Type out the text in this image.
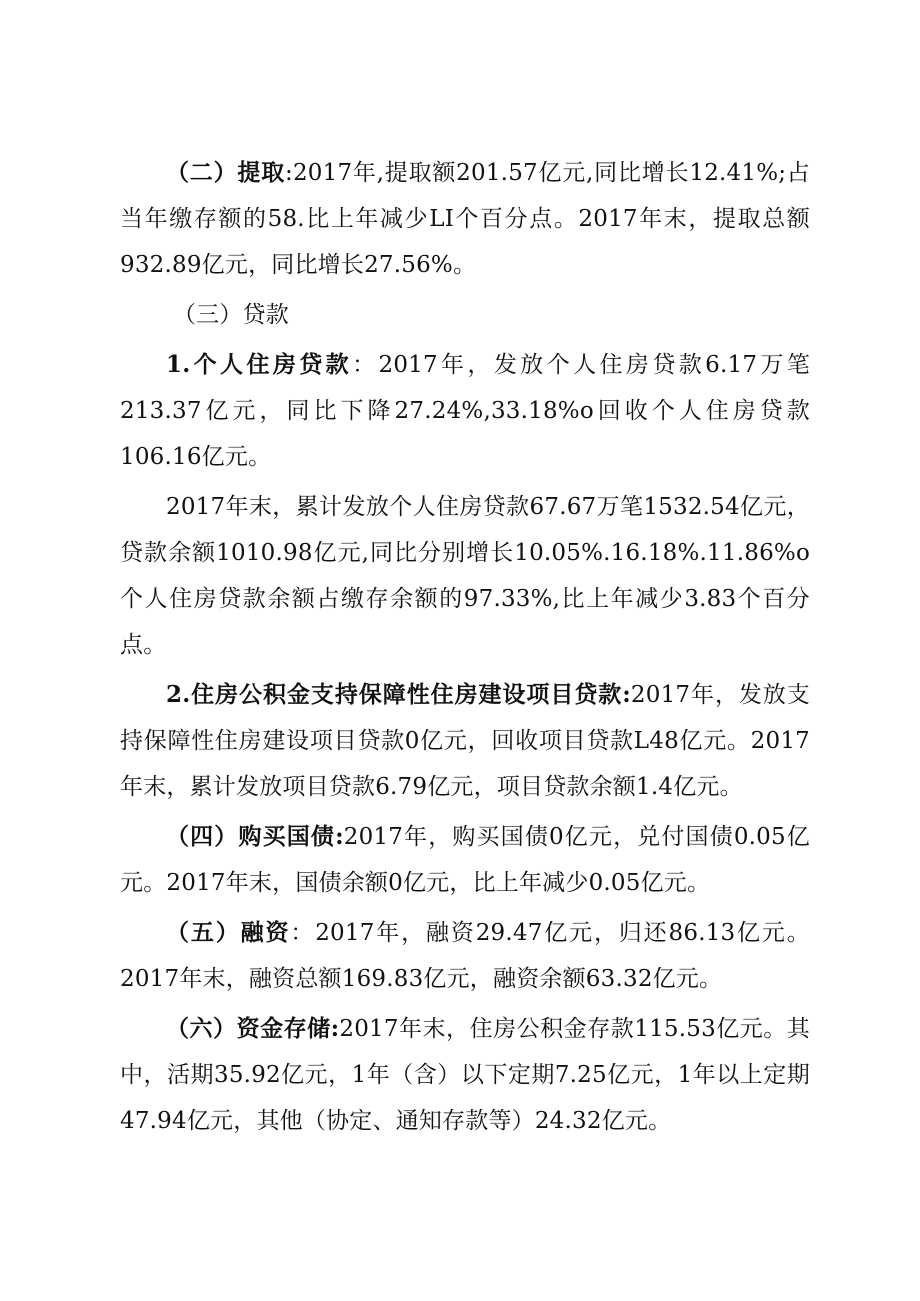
（二）提取:2017年,提取额201.57亿元,同比增长12.41%;占当年缴存额的58.比上年减少LI个百分点。2017年末，提取总额932.89亿元，同比增长27.56%。

（三）贷款

1.个人住房贷款：2017年，发放个人住房贷款6.17万笔213.37亿元，同比下降27.24%,33.18%o回收个人住房贷款106.16亿元。

2017年末，累计发放个人住房贷款67.67万笔1532.54亿元，贷款余额1010.98亿元,同比分别增长10.05%.16.18%.11.86%o个人住房贷款余额占缴存余额的97.33%,比上年减少3.83个百分点。

2.住房公积金支持保障性住房建设项目贷款:2017年，发放支持保障性住房建设项目贷款0亿元，回收项目贷款L48亿元。2017年末，累计发放项目贷款6.79亿元，项目贷款余额1.4亿元。

（四）购买国债:2017年，购买国债0亿元，兑付国债0.05亿元。2017年末，国债余额0亿元，比上年减少0.05亿元。

（五）融资：2017年，融资29.47亿元，归还86.13亿元。2017年末，融资总额169.83亿元，融资余额63.32亿元。

（六）资金存储:2017年末，住房公积金存款115.53亿元。其中，活期35.92亿元，1年（含）以下定期7.25亿元，1年以上定期47.94亿元，其他（协定、通知存款等）24.32亿元。
